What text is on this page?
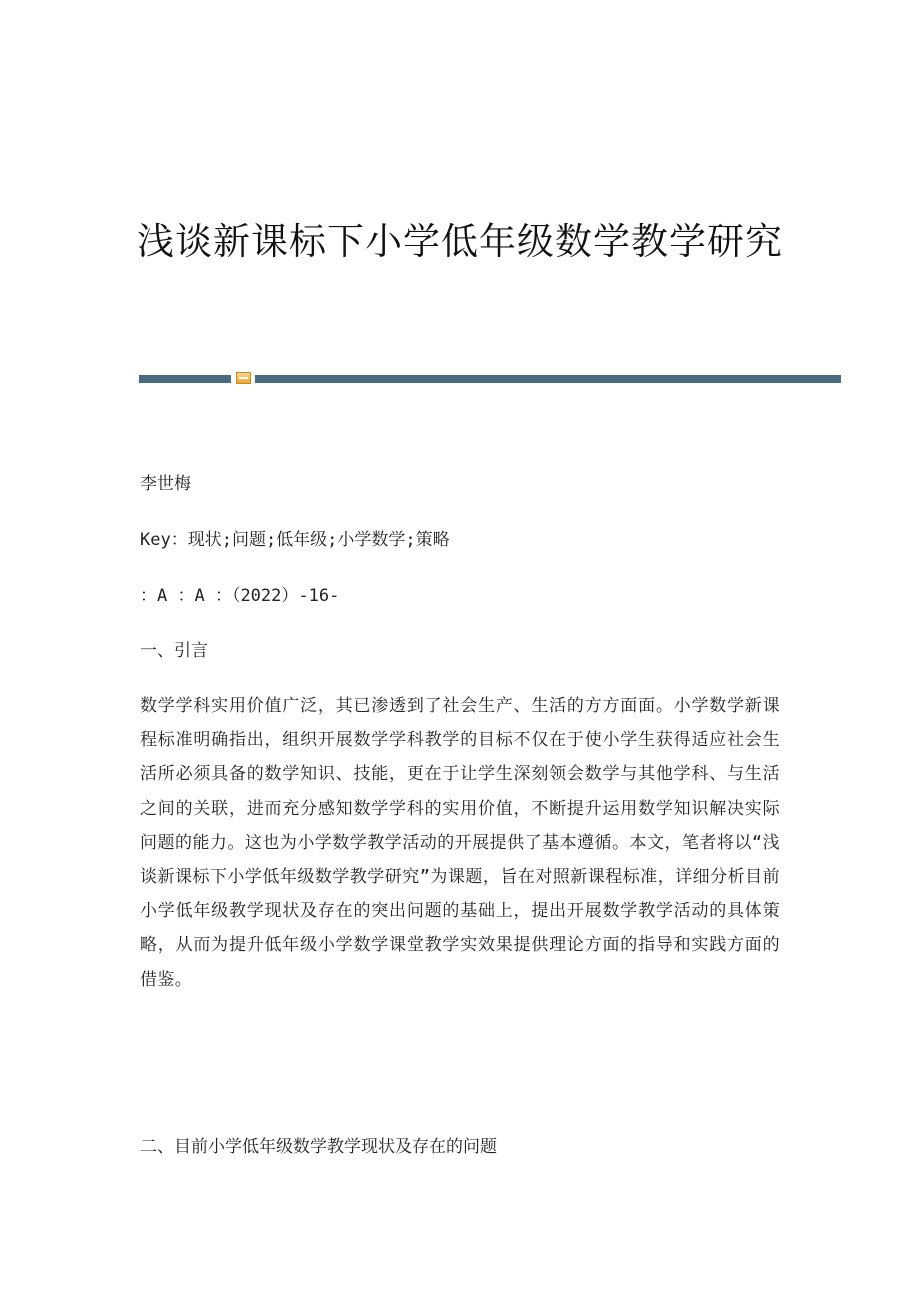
浅谈新课标下小学低年级数学教学研究

李世梅

Key：现状;问题;低年级;小学数学;策略

：A ：A ：（2022）-16-

一、引言

数学学科实用价值广泛，其已渗透到了社会生产、生活的方方面面。小学数学新课程标准明确指出，组织开展数学学科教学的目标不仅在于使小学生获得适应社会生活所必须具备的数学知识、技能，更在于让学生深刻领会数学与其他学科、与生活之间的关联，进而充分感知数学学科的实用价值，不断提升运用数学知识解决实际问题的能力。这也为小学数学教学活动的开展提供了基本遵循。本文，笔者将以“浅谈新课标下小学低年级数学教学研究”为课题，旨在对照新课程标准，详细分析目前小学低年级教学现状及存在的突出问题的基础上，提出开展数学教学活动的具体策略，从而为提升低年级小学数学课堂教学实效果提供理论方面的指导和实践方面的借鉴。

二、目前小学低年级数学教学现状及存在的问题
